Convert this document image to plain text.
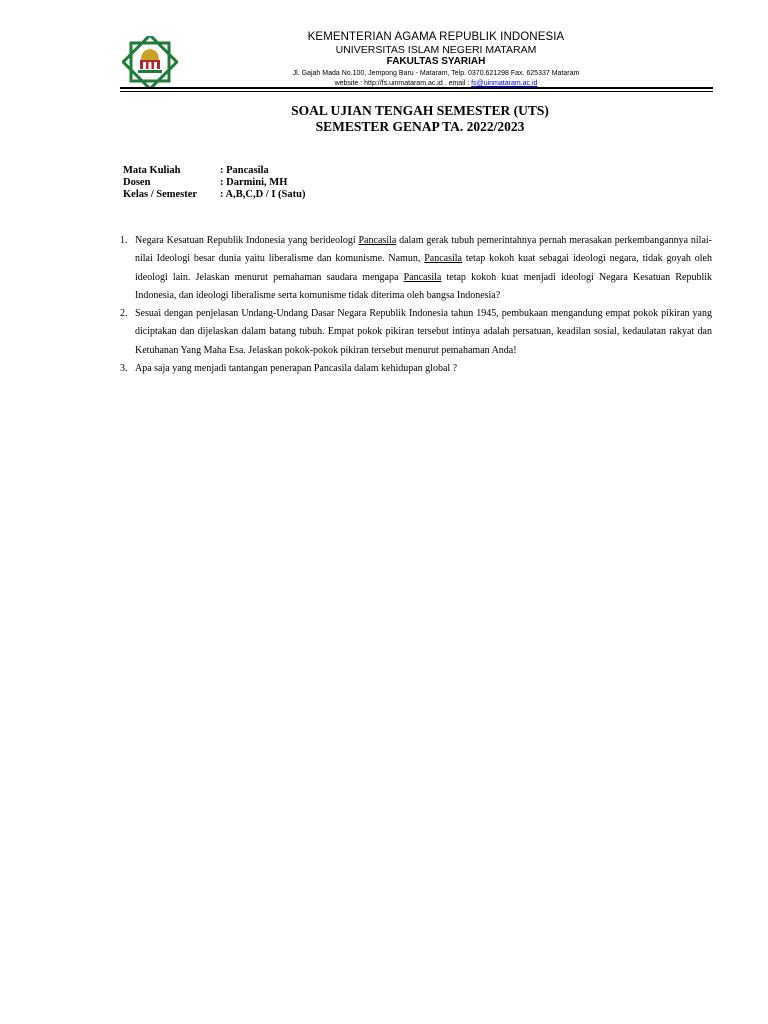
KEMENTERIAN AGAMA REPUBLIK INDONESIA
UNIVERSITAS ISLAM NEGERI MATARAM
FAKULTAS SYARIAH
Jl. Gajah Mada No.100, Jempong Baru - Mataram, Telp. 0370.621298 Fax. 625337 Mataram
website : http://fs.uinmataram.ac.id . email : fs@uinmataram.ac.id
SOAL UJIAN TENGAH SEMESTER (UTS)
SEMESTER GENAP TA. 2022/2023
Mata Kuliah	: Pancasila
Dosen	: Darmini, MH
Kelas / Semester	: A,B,C,D / I (Satu)
1. Negara Kesatuan Republik Indonesia yang berideologi Pancasila dalam gerak tubuh pemerintahnya pernah merasakan perkembangannya nilai-nilai Ideologi besar dunia yaitu liberalisme dan komunisme. Namun, Pancasila tetap kokoh kuat sebagai ideologi negara, tidak goyah oleh ideologi lain. Jelaskan menurut pemahaman saudara mengapa Pancasila tetap kokoh kuat menjadi ideologi Negara Kesatuan Republik Indonesia, dan ideologi liberalisme serta komunisme tidak diterima oleh bangsa Indonesia?
2. Sesuai dengan penjelasan Undang-Undang Dasar Negara Republik Indonesia tahun 1945, pembukaan mengandung empat pokok pikiran yang diciptakan dan dijelaskan dalam batang tubuh. Empat pokok pikiran tersebut intinya adalah persatuan, keadilan sosial, kedaulatan rakyat dan Ketuhanan Yang Maha Esa. Jelaskan pokok-pokok pikiran tersebut menurut pemahaman Anda!
3. Apa saja yang menjadi tantangan penerapan Pancasila dalam kehidupan global ?
